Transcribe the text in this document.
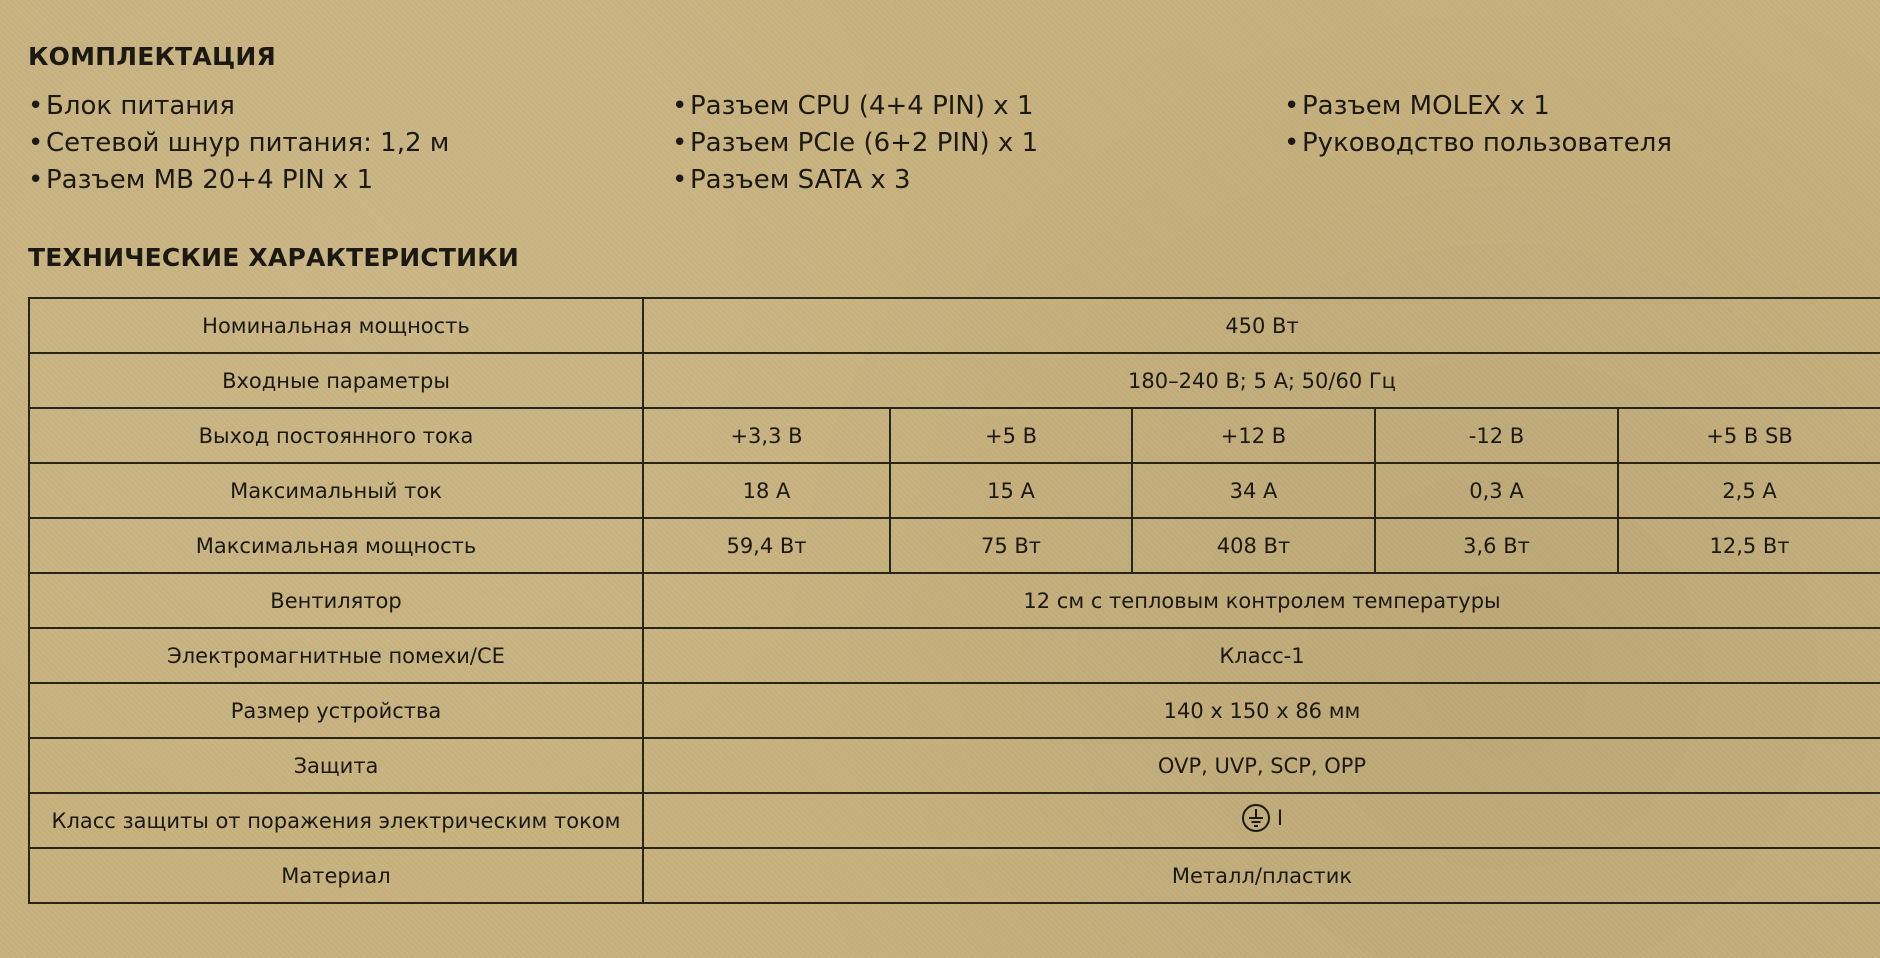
КОМПЛЕКТАЦИЯ
• Блок питания
• Сетевой шнур питания: 1,2 м
• Разъем MB 20+4 PIN x 1
• Разъем CPU (4+4 PIN) x 1
• Разъем PCIe (6+2 PIN) x 1
• Разъем SATA x 3
• Разъем MOLEX x 1
• Руководство пользователя
ТЕХНИЧЕСКИЕ ХАРАКТЕРИСТИКИ
Номинальная мощность	450 Вт				
Входные параметры	180–240 В; 5 А; 50/60 Гц				
Выход постоянного тока	+3,3 В	+5 В	+12 В	-12 В	+5 В SB
Максимальный ток	18 А	15 А	34 А	0,3 А	2,5 А
Максимальная мощность	59,4 Вт	75 Вт	408 Вт	3,6 Вт	12,5 Вт
Вентилятор	12 см с тепловым контролем температуры				
Электромагнитные помехи/CE	Класс-1				
Размер устройства	140 x 150 x 86 мм				
Защита	OVP, UVP, SCP, OPP				
Класс защиты от поражения электрическим током	I				

Материал	Металл/пластик				
